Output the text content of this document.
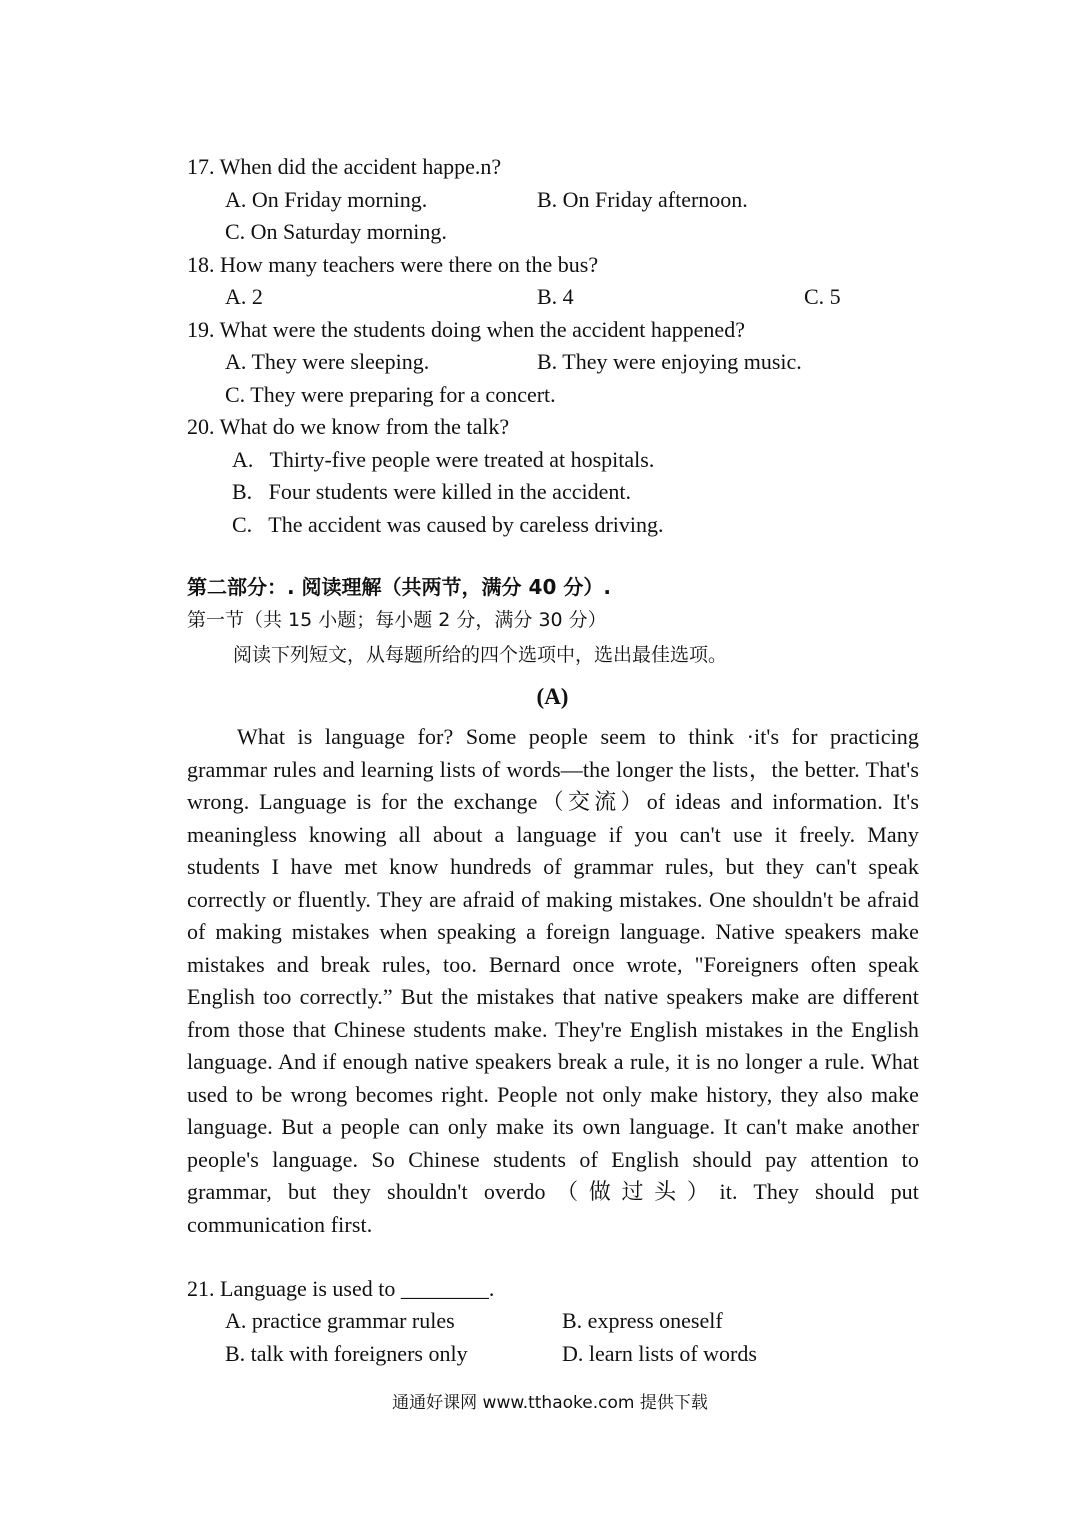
17. When did the accident happe.n?
A. On Friday morning.	B. On Friday afternoon.
C. On Saturday morning.
18. How many teachers were there on the bus?
A. 2	B. 4	C. 5
19. What were the students doing when the accident happened?
A. They were sleeping.	B. They were enjoying music.
C. They were preparing for a concert.
20. What do we know from the talk?
A.   Thirty-five people were treated at hospitals.
B.   Four students were killed in the accident.
C.   The accident was caused by careless driving.
第二部分：. 阅读理解（共两节，满分 40 分）.
第一节（共 15 小题；每小题 2 分，满分 30 分）
阅读下列短文，从每题所给的四个选项中，选出最佳选项。
(A)
What is language for? Some people seem to think ·it's for practicing grammar rules and learning lists of words—the longer the lists，the better. That's wrong. Language is for the exchange（交流）of ideas and information. It's meaningless knowing all about a language if you can't use it freely. Many students I have met know hundreds of grammar rules, but they can't speak correctly or fluently. They are afraid of making mistakes. One shouldn't be afraid of making mistakes when speaking a foreign language. Native speakers make mistakes and break rules, too. Bernard once wrote, "Foreigners often speak English too correctly.” But the mistakes that native speakers make are different from those that Chinese students make. They're English mistakes in the English language. And if enough native speakers break a rule, it is no longer a rule. What used to be wrong becomes right. People not only make history, they also make language. But a people can only make its own language. It can't make another people's language. So Chinese students of English should pay attention to grammar, but they shouldn't overdo（做过头）it. They should put communication first.
21. Language is used to ________.
A. practice grammar rules	B. express oneself
B. talk with foreigners only	D. learn lists of words
通通好课网 www.tthaoke.com 提供下载
